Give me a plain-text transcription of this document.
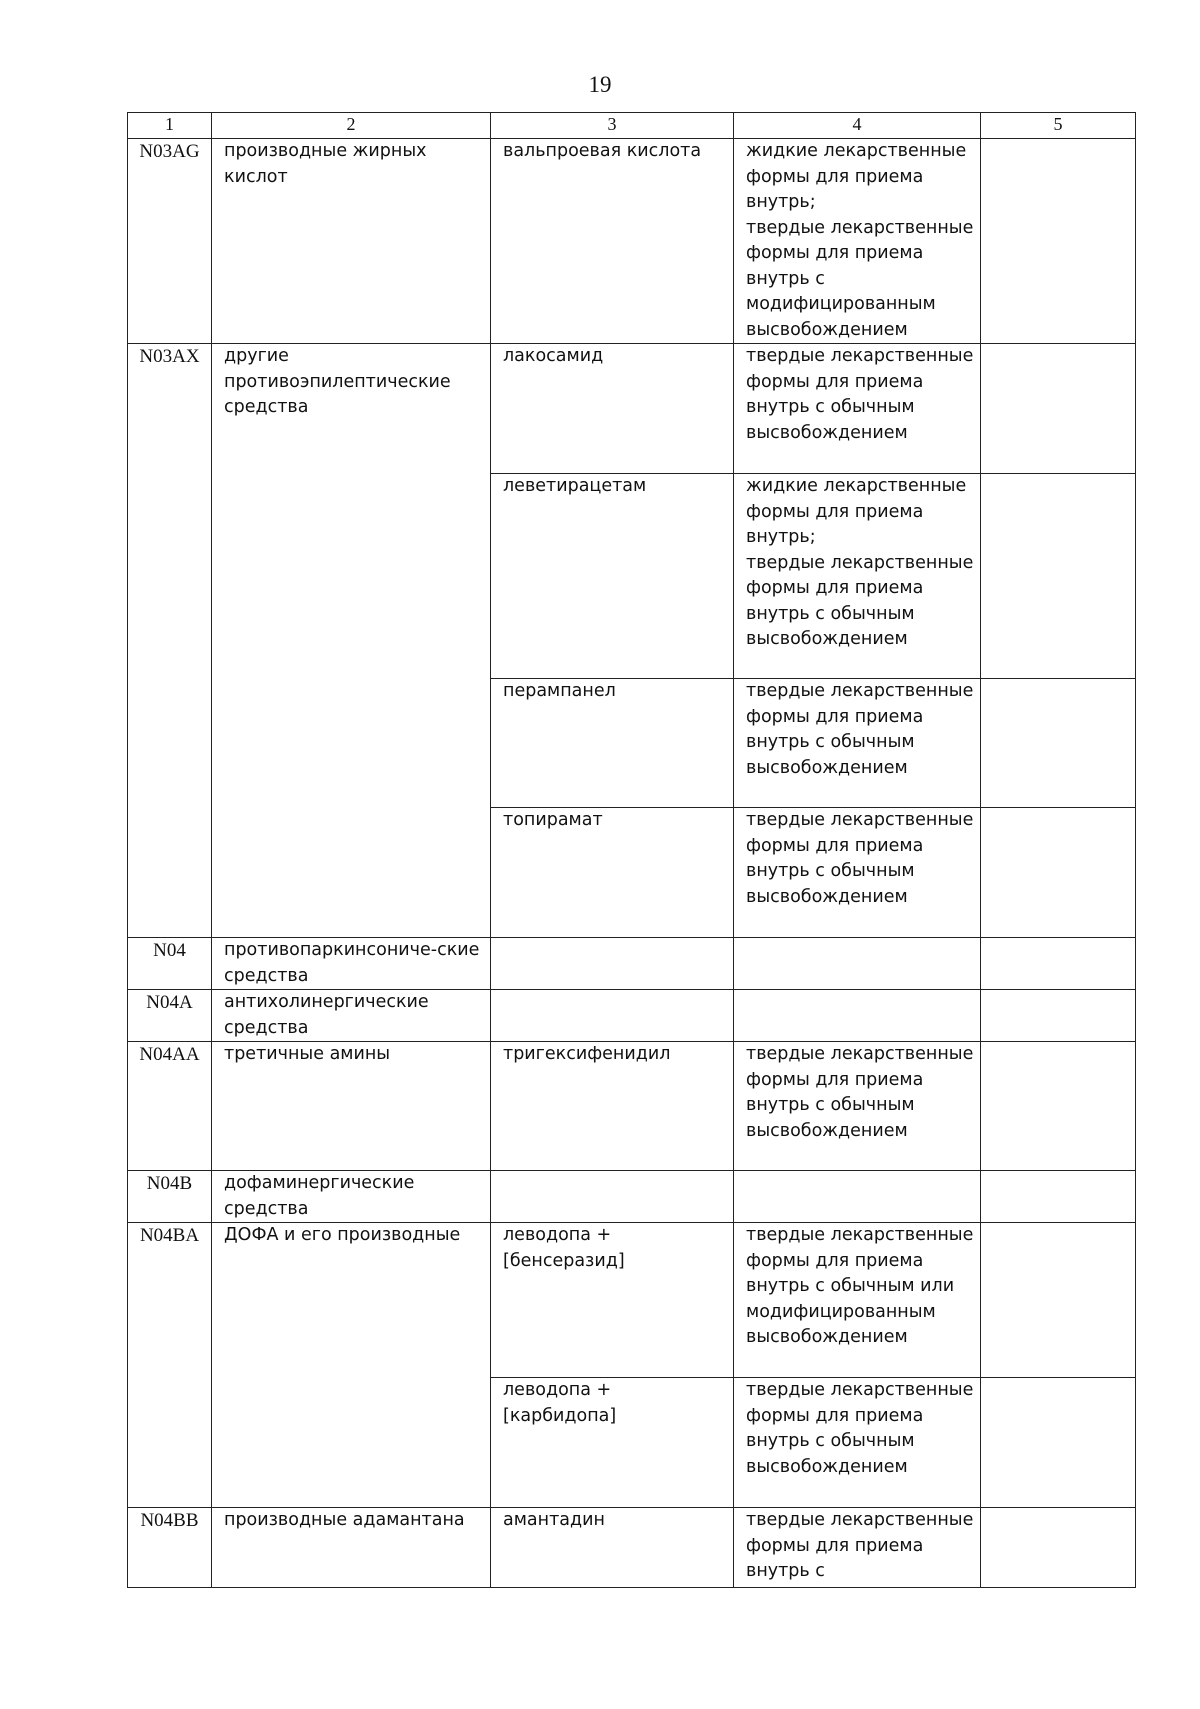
19
1	2	3	4	5
N03AG	производные жирных кислот	вальпроевая кислота	жидкие лекарственные формы для приема внутрь;
твердые лекарственные формы для приема внутрь с модифицированным высвобождением	
N03AX	другие противоэпилептические средства	лакосамид	твердые лекарственные формы для приема внутрь с обычным высвобождением	
		леветирацетам	жидкие лекарственные формы для приема внутрь;
твердые лекарственные формы для приема внутрь с обычным высвобождением	
		перампанел	твердые лекарственные формы для приема внутрь с обычным высвобождением	
		топирамат	твердые лекарственные формы для приема внутрь с обычным высвобождением	
N04	противопаркинсониче-ские средства			
N04A	антихолинергические средства			
N04AA	третичные амины	тригексифенидил	твердые лекарственные формы для приема внутрь с обычным высвобождением	
N04B	дофаминергические средства			
N04BA	ДОФА и его производные	леводопа + [бенсеразид]	твердые лекарственные формы для приема внутрь с обычным или модифицированным высвобождением	
		леводопа + [карбидопа]	твердые лекарственные формы для приема внутрь с обычным высвобождением	
N04BB	производные адамантана	амантадин	твердые лекарственные формы для приема внутрь с	
